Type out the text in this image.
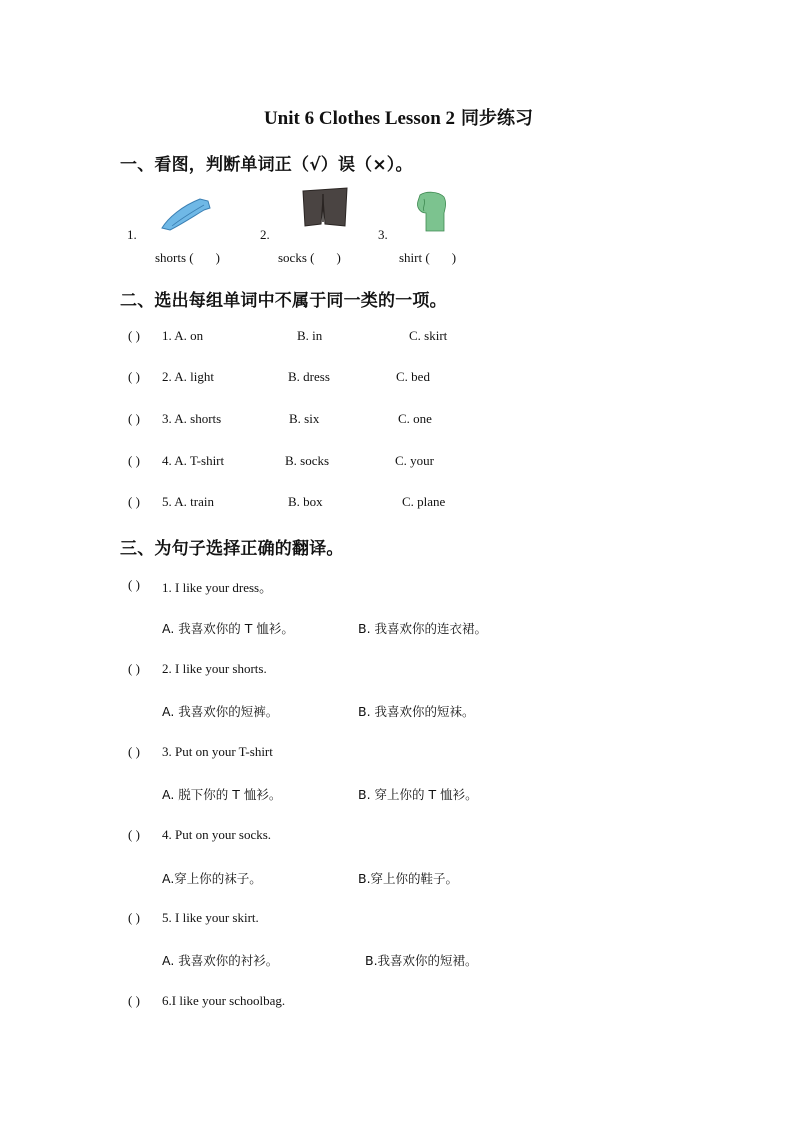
Unit 6 Clothes Lesson 2 同步练习
一、看图，判断单词正（√）误（×）。
1.	2.	3.
shorts ( )	socks ( )	shirt ( )
二、选出每组单词中不属于同一类的一项。
( ) 1. A. on	B. in	C. skirt
( ) 2. A. light	B. dress	C. bed
( ) 3. A. shorts	B. six	C. one
( ) 4. A. T-shirt	B. socks	C. your
( ) 5. A. train	B. box	C. plane
三、为句子选择正确的翻译。
( ) 1. I like your dress。
A. 我喜欢你的 T 恤衫。	B. 我喜欢你的连衣裙。
( ) 2. I like your shorts.
A. 我喜欢你的短裤。	B. 我喜欢你的短袜。
( ) 3. Put on your T-shirt
A. 脱下你的 T 恤衫。	B. 穿上你的 T 恤衫。
( ) 4. Put on your socks.
A.穿上你的袜子。	B.穿上你的鞋子。
( ) 5. I like your skirt.
A. 我喜欢你的衬衫。	B.我喜欢你的短裙。
( ) 6.I like your schoolbag.
